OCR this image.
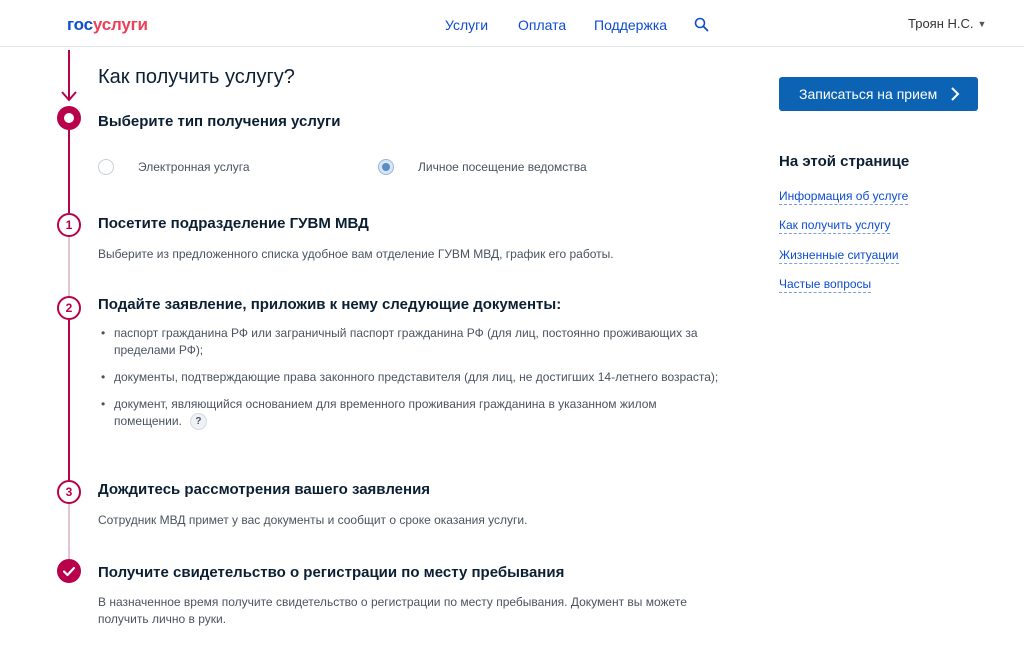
госуслуги	Услуги Оплата Поддержка	Троян Н.С. ▼
Как получить услугу?
Выберите тип получения услуги
Электронная услуга	Личное посещение ведомства
1	Посетите подразделение ГУВМ МВД
Выберите из предложенного списка удобное вам отделение ГУВМ МВД, график его работы.
2	Подайте заявление, приложив к нему следующие документы:
• паспорт гражданина РФ или заграничный паспорт гражданина РФ (для лиц, постоянно проживающих за пределами РФ);
• документы, подтверждающие права законного представителя (для лиц, не достигших 14-летнего возраста);
• документ, являющийся основанием для временного проживания гражданина в указанном жилом помещении. ?
3	Дождитесь рассмотрения вашего заявления
Сотрудник МВД примет у вас документы и сообщит о сроке оказания услуги.
Получите свидетельство о регистрации по месту пребывания
В назначенное время получите свидетельство о регистрации по месту пребывания. Документ вы можете получить лично в руки.
Записаться на прием
На этой странице
Информация об услуге
Как получить услугу
Жизненные ситуации
Частые вопросы
